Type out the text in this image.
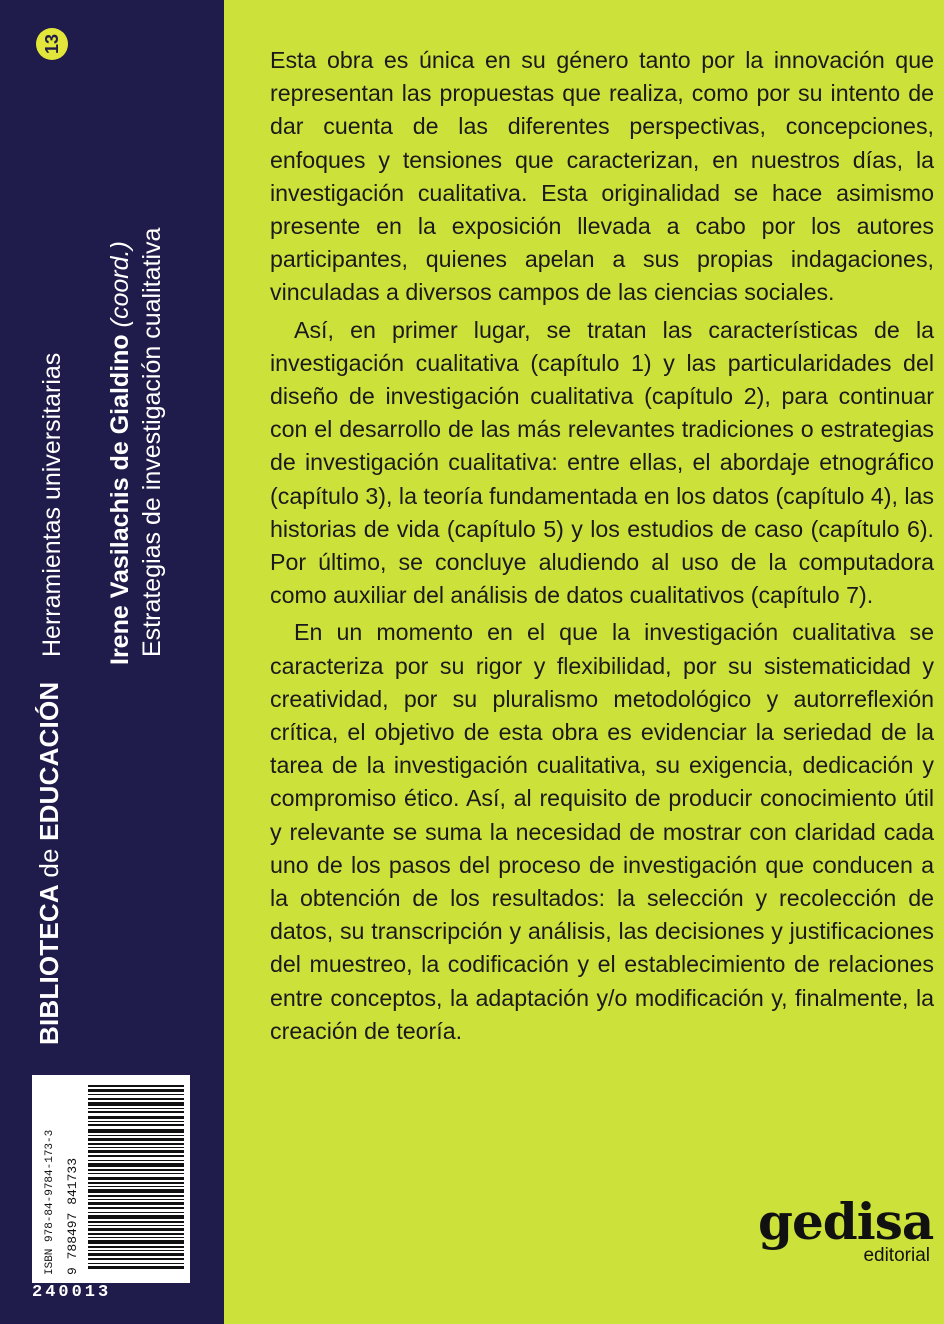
13
BIBLIOTECA de EDUCACIÓN
Herramientas universitarias Irene Vasilachis de Gialdino (coord.) Estrategias de investigación cualitativa
ISBN 978-84-9784-173-3 9 788497 841733
240013

Esta obra es única en su género tanto por la innovación que representan las propuestas que realiza, como por su intento de dar cuenta de las diferentes perspectivas, concepciones, enfoques y tensiones que caracterizan, en nuestros días, la investigación cualitativa. Esta originalidad se hace asimismo presente en la exposición llevada a cabo por los autores participantes, quienes apelan a sus propias indagaciones, vinculadas a diversos campos de las ciencias sociales.

Así, en primer lugar, se tratan las características de la investigación cualitativa (capítulo 1) y las particularidades del diseño de investigación cualitativa (capítulo 2), para continuar con el desarrollo de las más relevantes tradiciones o estrategias de investigación cualitativa: entre ellas, el abordaje etnográfico (capítulo 3), la teoría fundamentada en los datos (capítulo 4), las historias de vida (capítulo 5) y los estudios de caso (capítulo 6). Por último, se concluye aludiendo al uso de la computadora como auxiliar del análisis de datos cualitativos (capítulo 7).

En un momento en el que la investigación cualitativa se caracteriza por su rigor y flexibilidad, por su sistematicidad y creatividad, por su pluralismo metodológico y autorreflexión crítica, el objetivo de esta obra es evidenciar la seriedad de la tarea de la investigación cualitativa, su exigencia, dedicación y compromiso ético. Así, al requisito de producir conocimiento útil y relevante se suma la necesidad de mostrar con claridad cada uno de los pasos del proceso de investigación que conducen a la obtención de los resultados: la selección y recolección de datos, su transcripción y análisis, las decisiones y justificaciones del muestreo, la codificación y el establecimiento de relaciones entre conceptos, la adaptación y/o modificación y, finalmente, la creación de teoría.

gedisa
editorial
